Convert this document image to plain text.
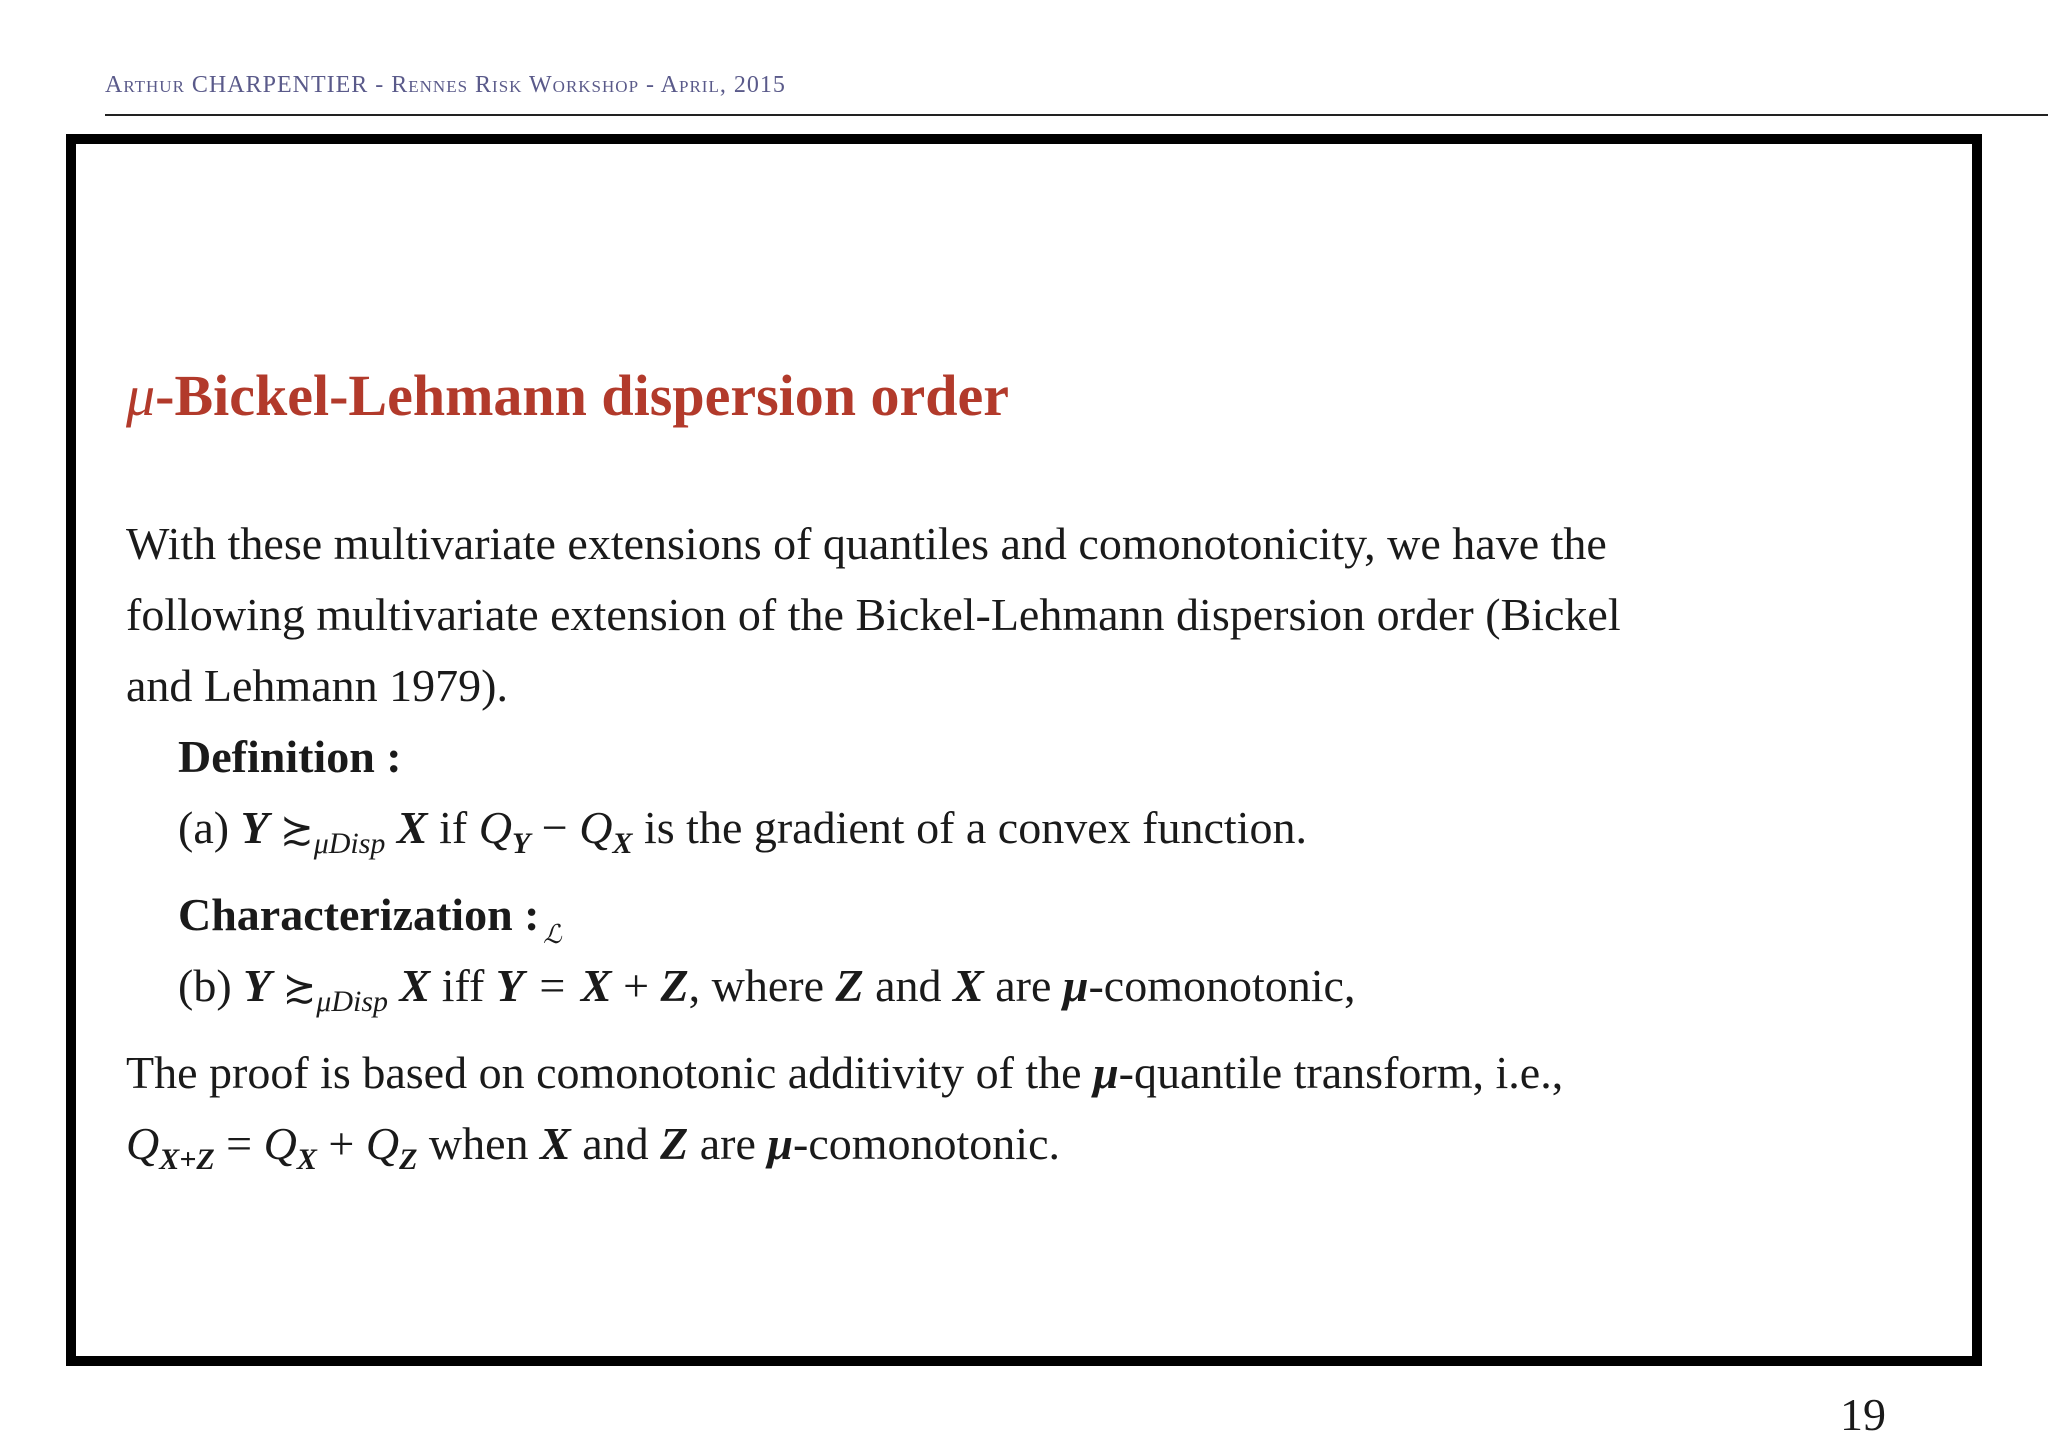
Arthur CHARPENTIER - Rennes Risk Workshop - April, 2015
μ-Bickel-Lehmann dispersion order
With these multivariate extensions of quantiles and comonotonicity, we have the
following multivariate extension of the Bickel-Lehmann dispersion order (Bickel
and Lehmann 1979).
Definition :
(a) Y $≿_{\mu Disp}$ X if $Q_Y - Q_X$ is the gradient of a convex function.
Characterization :
(b) Y $≿_{\mu Disp}$ X iff Y
ℒ
= X + Z, where Z and X are μ-comonotonic,
The proof is based on comonotonic additivity of the μ-quantile transform, i.e.,
$Q_{X+Z} = Q_X + Q_Z$ when X and Z are μ-comonotonic.
19
